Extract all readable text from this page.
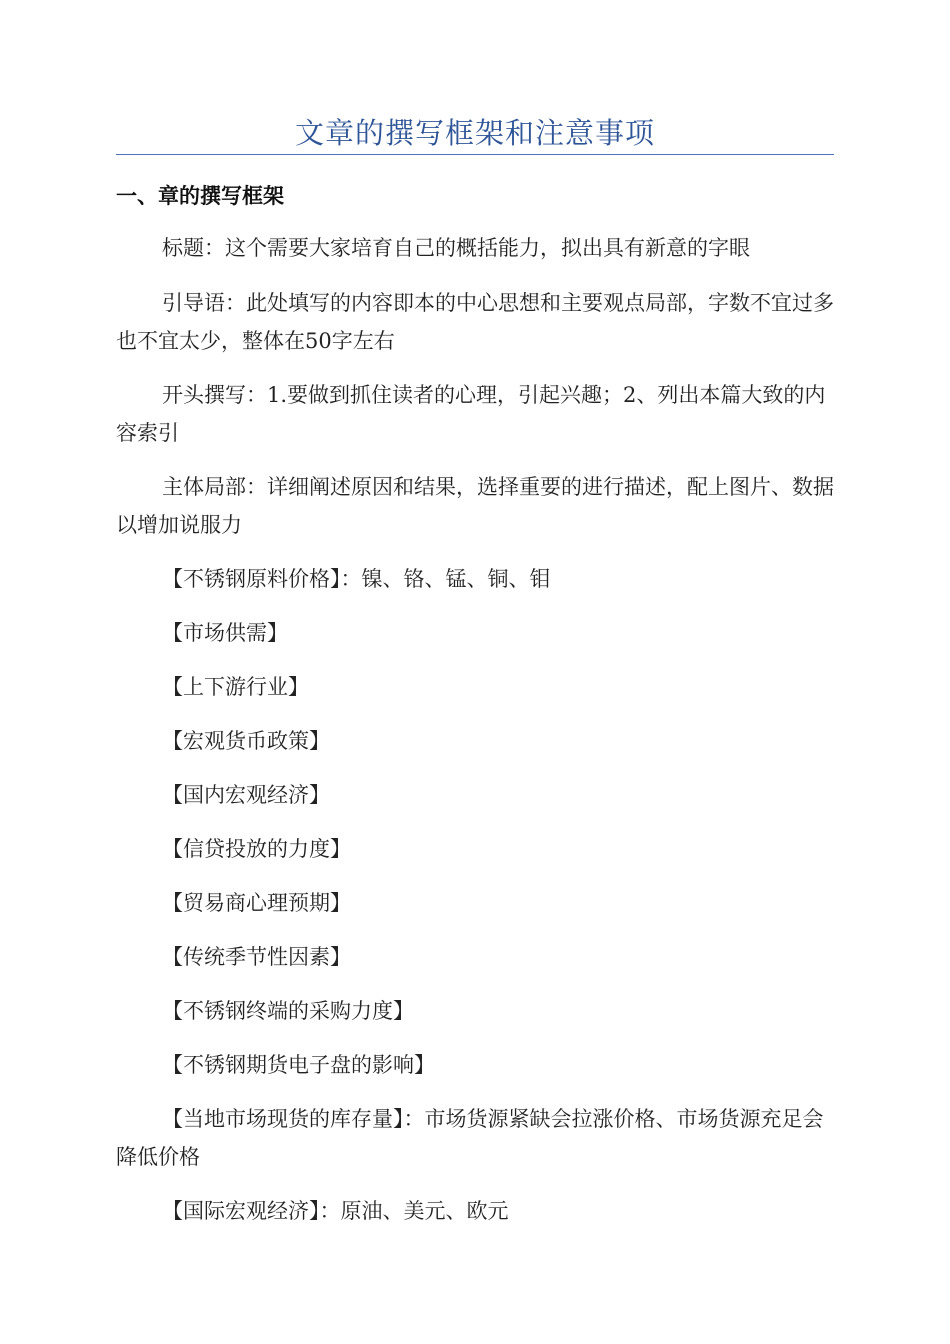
文章的撰写框架和注意事项
一、章的撰写框架
标题：这个需要大家培育自己的概括能力，拟出具有新意的字眼
引导语：此处填写的内容即本的中心思想和主要观点局部，字数不宜过多也不宜太少，整体在50字左右
开头撰写：1.要做到抓住读者的心理，引起兴趣；2、列出本篇大致的内容索引
主体局部：详细阐述原因和结果，选择重要的进行描述，配上图片、数据以增加说服力
【不锈钢原料价格】：镍、铬、锰、铜、钼
【市场供需】
【上下游行业】
【宏观货币政策】
【国内宏观经济】
【信贷投放的力度】
【贸易商心理预期】
【传统季节性因素】
【不锈钢终端的采购力度】
【不锈钢期货电子盘的影响】
【当地市场现货的库存量】：市场货源紧缺会拉涨价格、市场货源充足会降低价格
【国际宏观经济】：原油、美元、欧元
